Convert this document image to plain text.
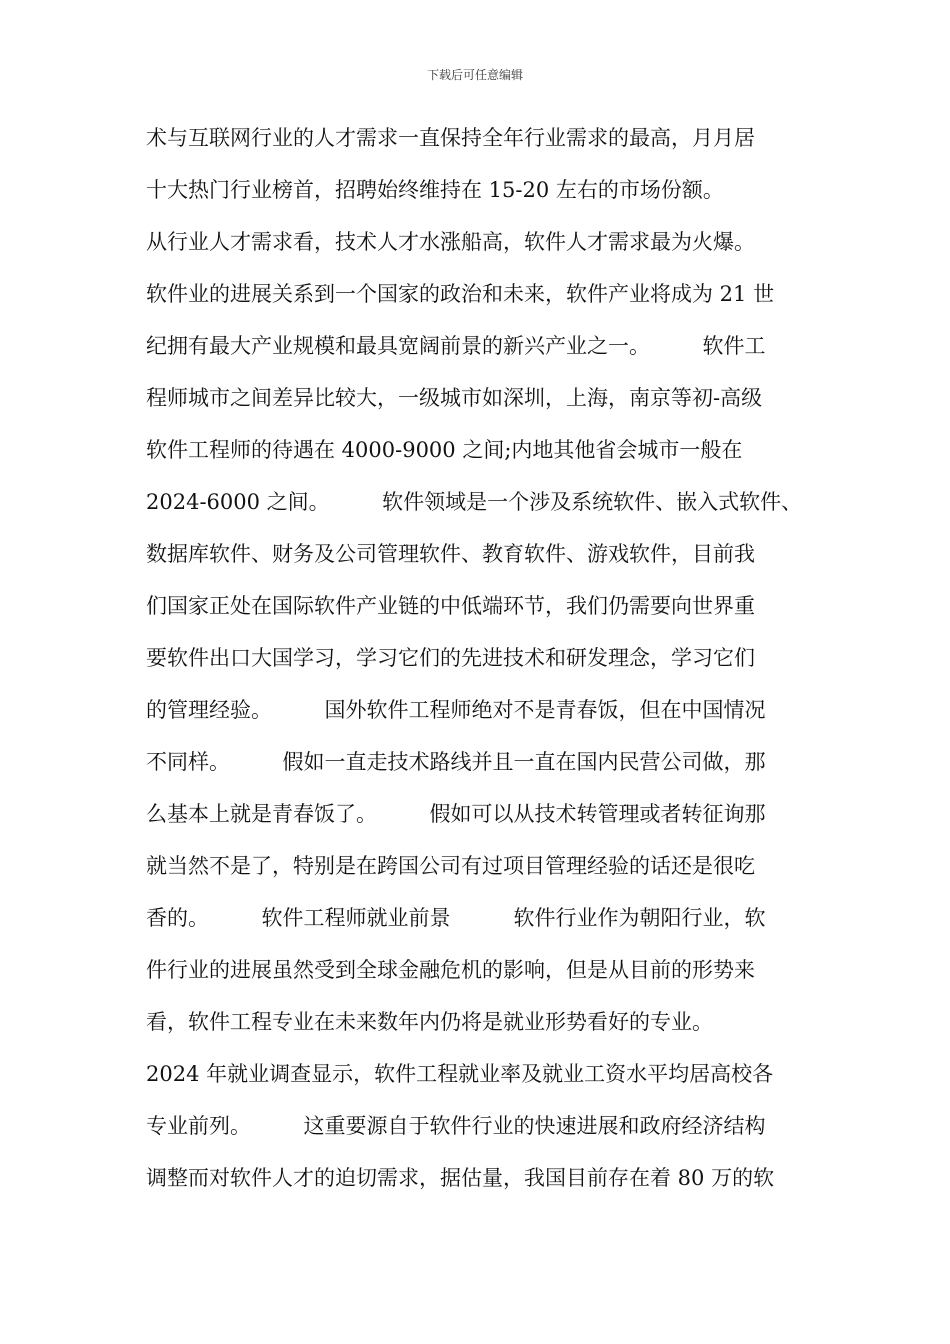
下载后可任意编辑
术与互联网行业的人才需求一直保持全年行业需求的最高，月月居
十大热门行业榜首，招聘始终维持在 15-20 左右的市场份额。
从行业人才需求看，技术人才水涨船高，软件人才需求最为火爆。
软件业的进展关系到一个国家的政治和未来，软件产业将成为 21 世
纪拥有最大产业规模和最具宽阔前景的新兴产业之一。　　　软件工
程师城市之间差异比较大，一级城市如深圳，上海，南京等初-高级
软件工程师的待遇在 4000-9000 之间;内地其他省会城市一般在
2024-6000 之间。　　　软件领域是一个涉及系统软件、嵌入式软件、
数据库软件、财务及公司管理软件、教育软件、游戏软件，目前我
们国家正处在国际软件产业链的中低端环节，我们仍需要向世界重
要软件出口大国学习，学习它们的先进技术和研发理念，学习它们
的管理经验。　　　国外软件工程师绝对不是青春饭，但在中国情况
不同样。　　　假如一直走技术路线并且一直在国内民营公司做，那
么基本上就是青春饭了。　　　假如可以从技术转管理或者转征询那
就当然不是了，特别是在跨国公司有过项目管理经验的话还是很吃
香的。　　　软件工程师就业前景　　　软件行业作为朝阳行业，软
件行业的进展虽然受到全球金融危机的影响，但是从目前的形势来
看，软件工程专业在未来数年内仍将是就业形势看好的专业。
2024 年就业调查显示，软件工程就业率及就业工资水平均居高校各
专业前列。　　　这重要源自于软件行业的快速进展和政府经济结构
调整而对软件人才的迫切需求，据估量，我国目前存在着 80 万的软
